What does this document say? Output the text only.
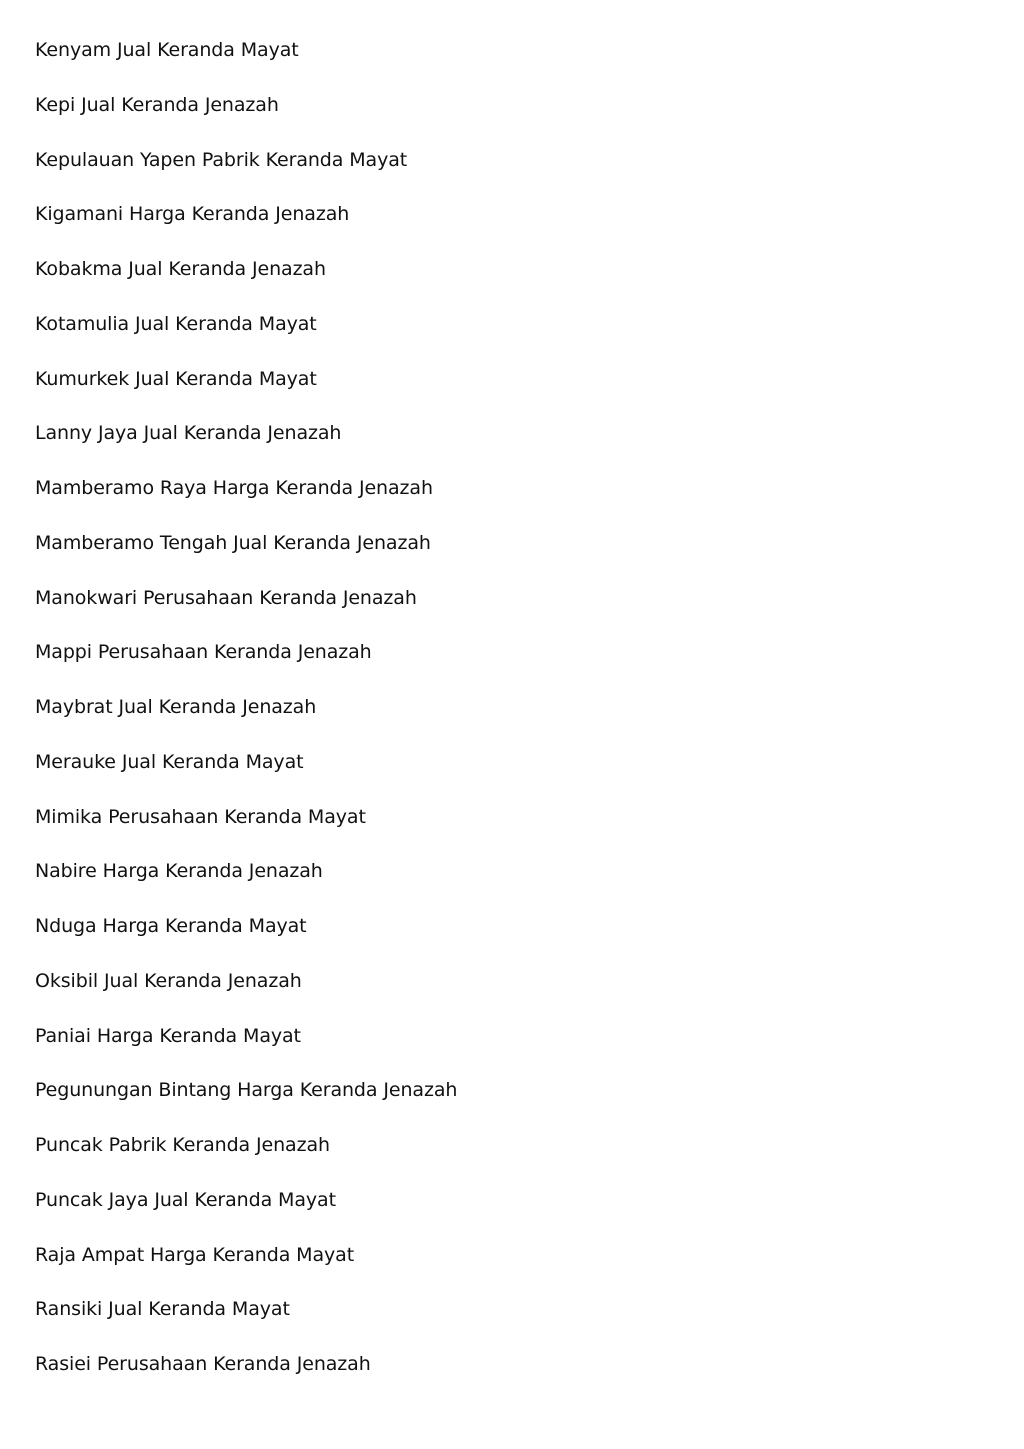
Kenyam Jual Keranda Mayat
Kepi Jual Keranda Jenazah
Kepulauan Yapen Pabrik Keranda Mayat
Kigamani Harga Keranda Jenazah
Kobakma Jual Keranda Jenazah
Kotamulia Jual Keranda Mayat
Kumurkek Jual Keranda Mayat
Lanny Jaya Jual Keranda Jenazah
Mamberamo Raya Harga Keranda Jenazah
Mamberamo Tengah Jual Keranda Jenazah
Manokwari Perusahaan Keranda Jenazah
Mappi Perusahaan Keranda Jenazah
Maybrat Jual Keranda Jenazah
Merauke Jual Keranda Mayat
Mimika Perusahaan Keranda Mayat
Nabire Harga Keranda Jenazah
Nduga Harga Keranda Mayat
Oksibil Jual Keranda Jenazah
Paniai Harga Keranda Mayat
Pegunungan Bintang Harga Keranda Jenazah
Puncak Pabrik Keranda Jenazah
Puncak Jaya Jual Keranda Mayat
Raja Ampat Harga Keranda Mayat
Ransiki Jual Keranda Mayat
Rasiei Perusahaan Keranda Jenazah
